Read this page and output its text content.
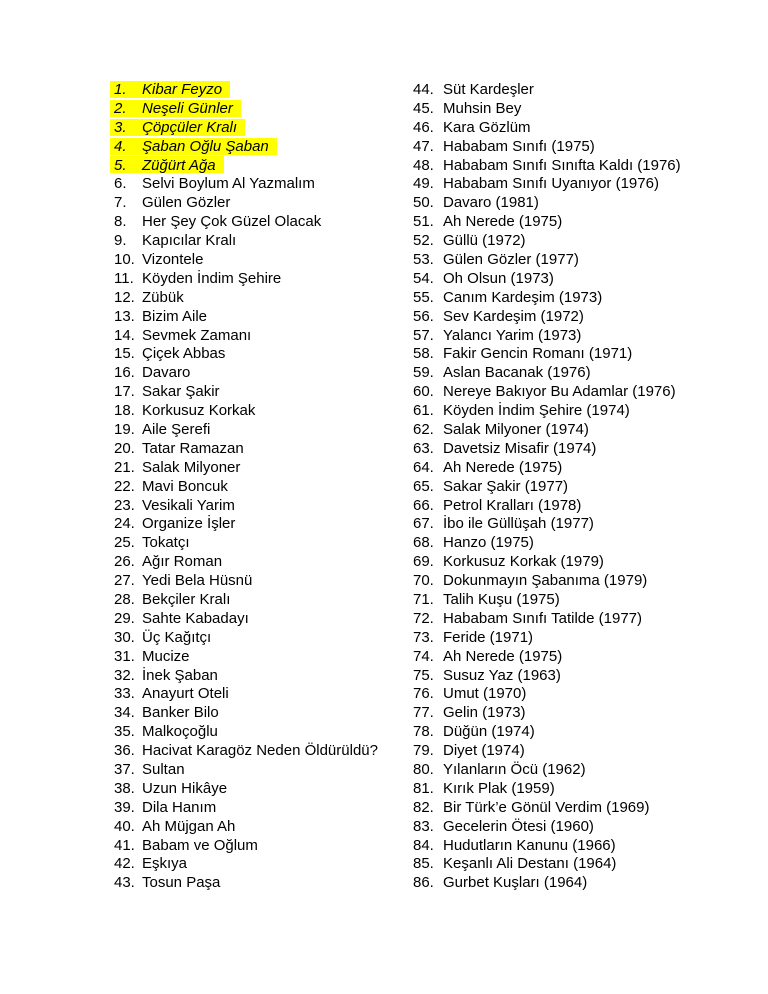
1.	Kibar Feyzo
2.	Neşeli Günler
3.	Çöpçüler Kralı
4.	Şaban Oğlu Şaban
5.	Züğürt Ağa
6.	Selvi Boylum Al Yazmalım
7.	Gülen Gözler
8.	Her Şey Çok Güzel Olacak
9.	Kapıcılar Kralı
10. Vizontele
11. Köyden İndim Şehire
12. Zübük
13. Bizim Aile
14. Sevmek Zamanı
15. Çiçek Abbas
16. Davaro
17. Sakar Şakir
18. Korkusuz Korkak
19. Aile Şerefi
20. Tatar Ramazan
21. Salak Milyoner
22. Mavi Boncuk
23. Vesikali Yarim
24. Organize İşler
25. Tokatçı
26. Ağır Roman
27. Yedi Bela Hüsnü
28. Bekçiler Kralı
29. Sahte Kabadayı
30. Üç Kağıtçı
31. Mucize
32. İnek Şaban
33. Anayurt Oteli
34. Banker Bilo
35. Malkoçoğlu
36. Hacivat Karagöz Neden Öldürüldü?
37. Sultan
38. Uzun Hikâye
39. Dila Hanım
40. Ah Müjgan Ah
41. Babam ve Oğlum
42. Eşkıya
43. Tosun Paşa
44. Süt Kardeşler
45. Muhsin Bey
46. Kara Gözlüm
47. Hababam Sınıfı (1975)
48. Hababam Sınıfı Sınıfta Kaldı (1976)
49. Hababam Sınıfı Uyanıyor (1976)
50. Davaro (1981)
51. Ah Nerede (1975)
52. Güllü (1972)
53. Gülen Gözler (1977)
54. Oh Olsun (1973)
55. Canım Kardeşim (1973)
56. Sev Kardeşim (1972)
57. Yalancı Yarim (1973)
58. Fakir Gencin Romanı (1971)
59. Aslan Bacanak (1976)
60. Nereye Bakıyor Bu Adamlar (1976)
61. Köyden İndim Şehire (1974)
62. Salak Milyoner (1974)
63. Davetsiz Misafir (1974)
64. Ah Nerede (1975)
65. Sakar Şakir (1977)
66. Petrol Kralları (1978)
67. İbo ile Güllüşah (1977)
68. Hanzo (1975)
69. Korkusuz Korkak (1979)
70. Dokunmayın Şabanıma (1979)
71. Talih Kuşu (1975)
72. Hababam Sınıfı Tatilde (1977)
73. Feride (1971)
74. Ah Nerede (1975)
75. Susuz Yaz (1963)
76. Umut (1970)
77. Gelin (1973)
78. Düğün (1974)
79. Diyet (1974)
80. Yılanların Öcü (1962)
81. Kırık Plak (1959)
82. Bir Türk’e Gönül Verdim (1969)
83. Gecelerin Ötesi (1960)
84. Hudutların Kanunu (1966)
85. Keşanlı Ali Destanı (1964)
86. Gurbet Kuşları (1964)
